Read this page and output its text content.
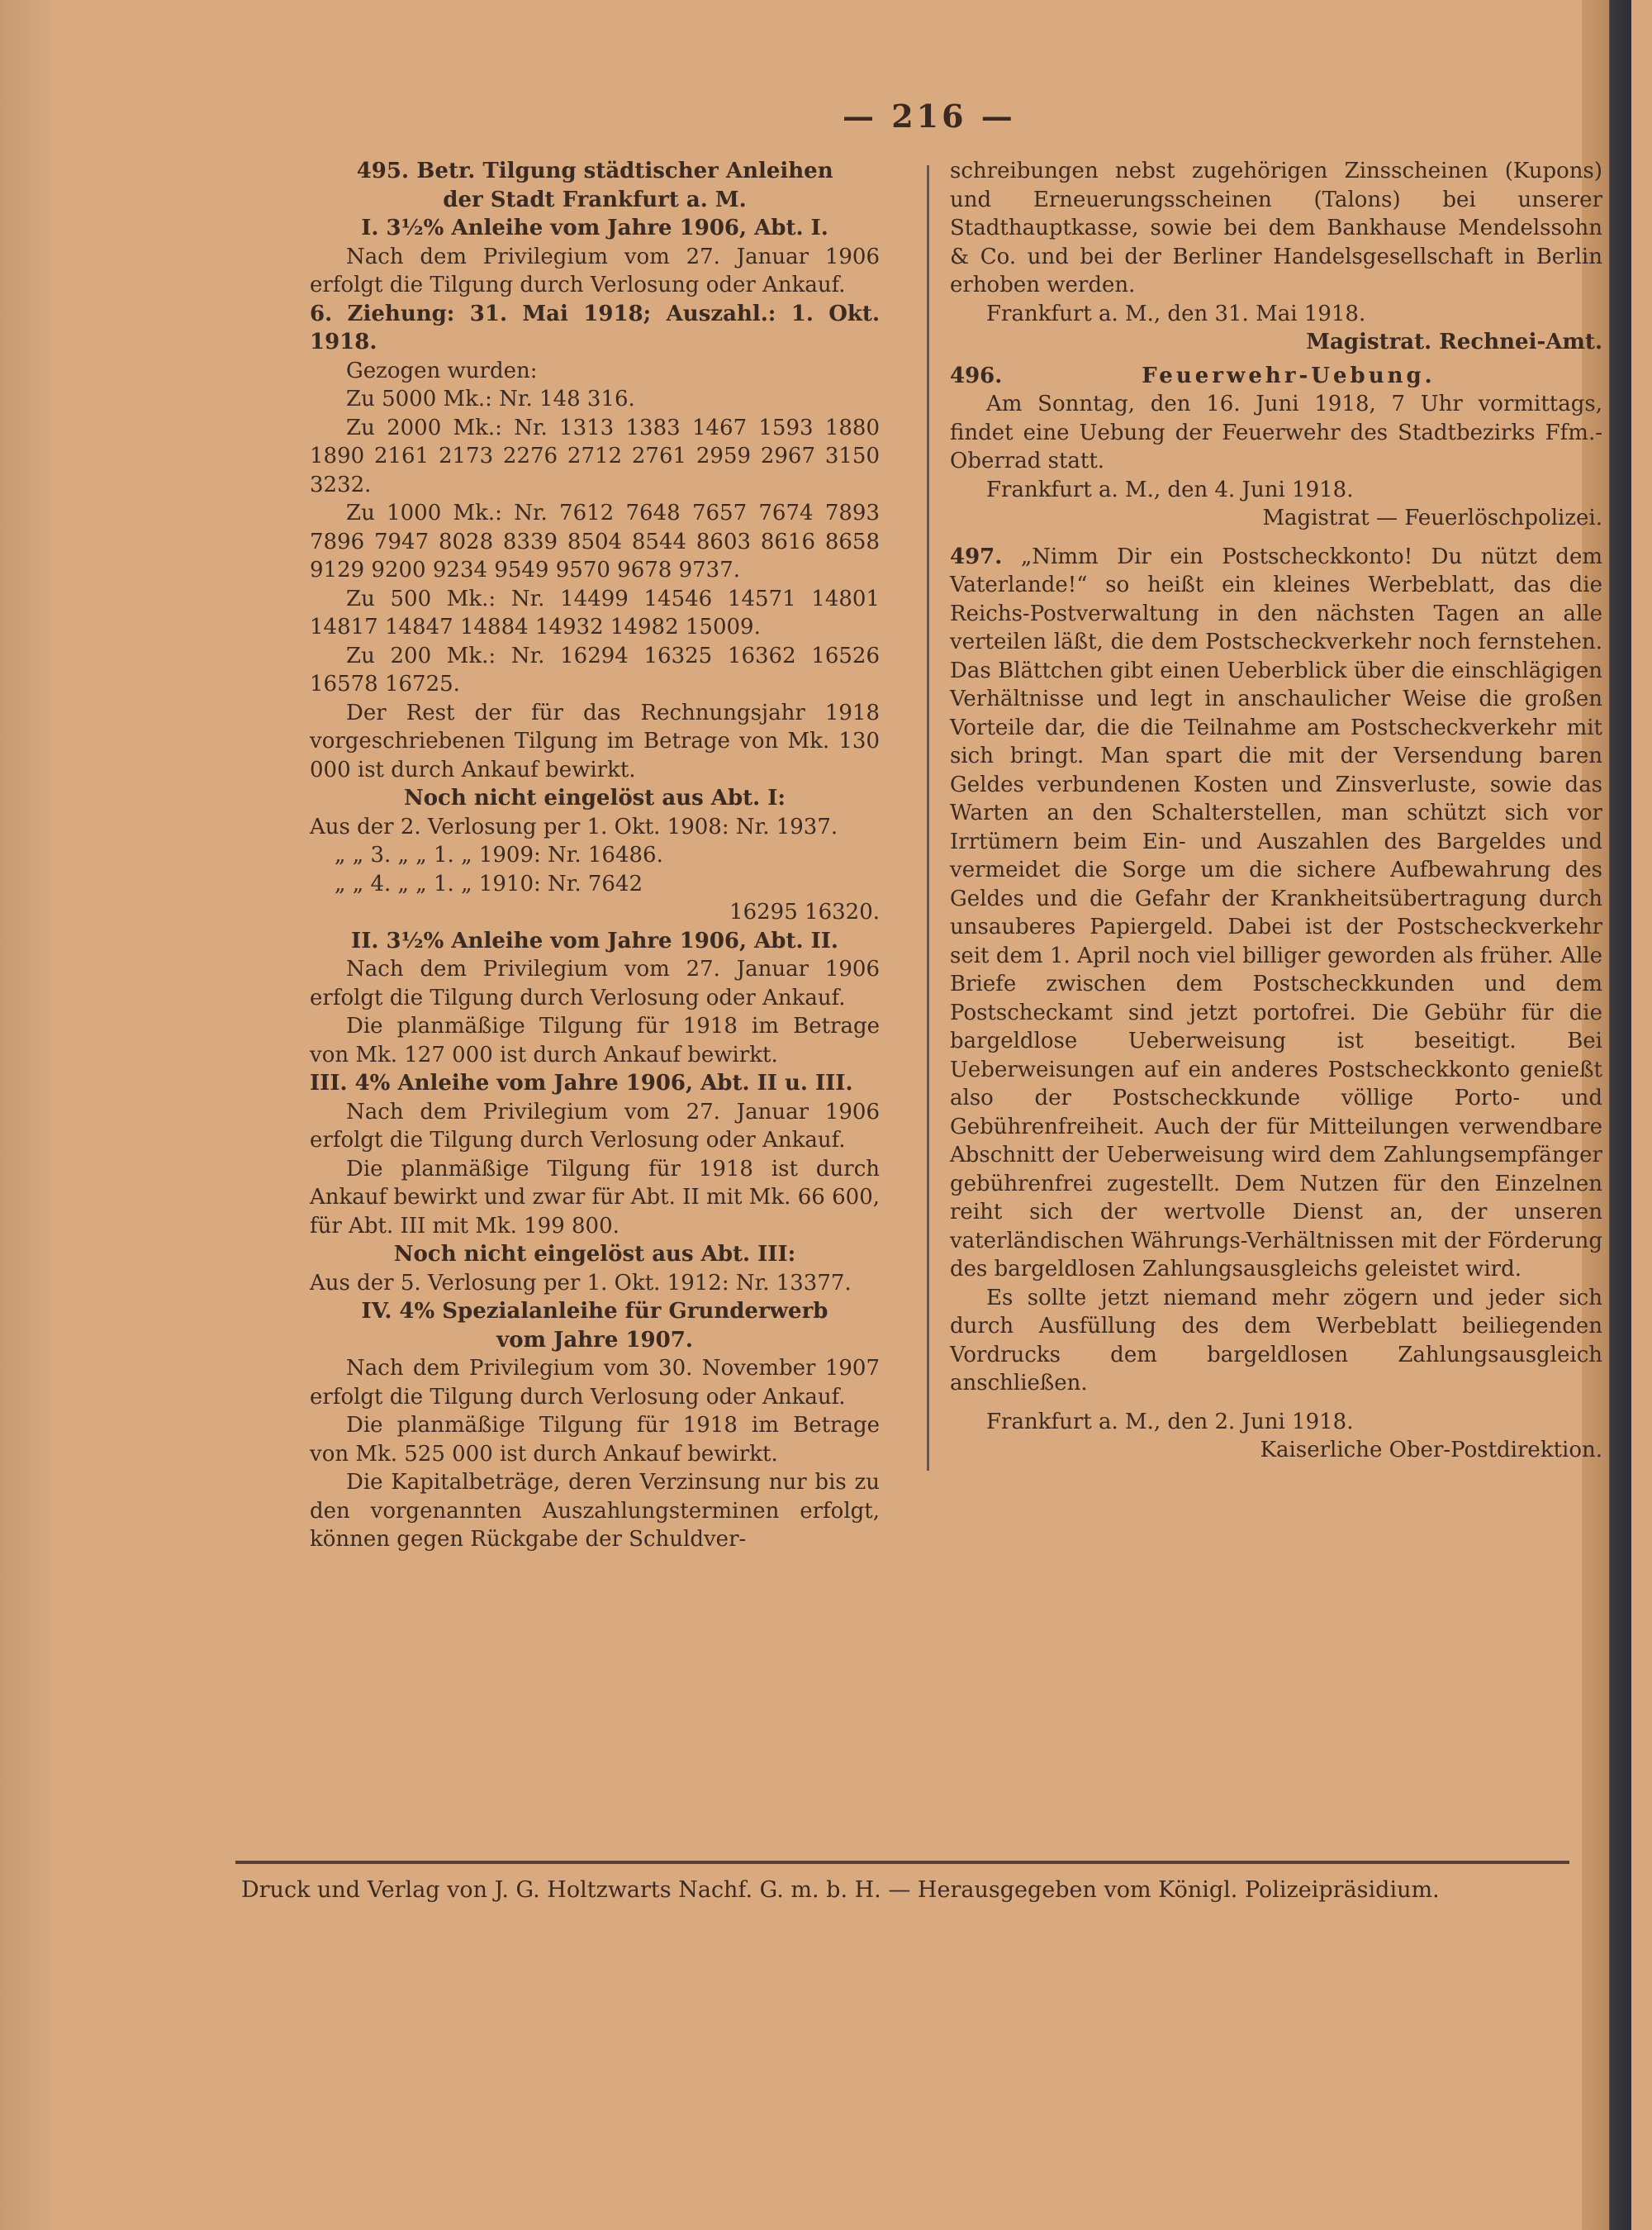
— 216 —

495. Betr. Tilgung städtischer Anleihen

der Stadt Frankfurt a. M.

I. 3½% Anleihe vom Jahre 1906, Abt. I.

Nach dem Privilegium vom 27. Januar 1906 erfolgt die Tilgung durch Verlosung oder Ankauf.

6. Ziehung: 31. Mai 1918; Auszahl.: 1. Okt. 1918.

Gezogen wurden:

Zu 5000 Mk.: Nr. 148 316.

Zu 2000 Mk.: Nr. 1313 1383 1467 1593 1880 1890 2161 2173 2276 2712 2761 2959 2967 3150 3232.

Zu 1000 Mk.: Nr. 7612 7648 7657 7674 7893 7896 7947 8028 8339 8504 8544 8603 8616 8658 9129 9200 9234 9549 9570 9678 9737.

Zu 500 Mk.: Nr. 14499 14546 14571 14801 14817 14847 14884 14932 14982 15009.

Zu 200 Mk.: Nr. 16294 16325 16362 16526 16578 16725.

Der Rest der für das Rechnungsjahr 1918 vorgeschriebenen Tilgung im Betrage von Mk. 130 000 ist durch Ankauf bewirkt.

Noch nicht eingelöst aus Abt. I:

Aus der 2. Verlosung per 1. Okt. 1908: Nr. 1937.

„ „ 3. „ „ 1. „ 1909: Nr. 16486.

„ „ 4. „ „ 1. „ 1910: Nr. 7642

16295 16320.

II. 3½% Anleihe vom Jahre 1906, Abt. II.

Nach dem Privilegium vom 27. Januar 1906 erfolgt die Tilgung durch Verlosung oder Ankauf.

Die planmäßige Tilgung für 1918 im Betrage von Mk. 127 000 ist durch Ankauf bewirkt.

III. 4% Anleihe vom Jahre 1906, Abt. II u. III.

Nach dem Privilegium vom 27. Januar 1906 erfolgt die Tilgung durch Verlosung oder Ankauf.

Die planmäßige Tilgung für 1918 ist durch Ankauf bewirkt und zwar für Abt. II mit Mk. 66 600, für Abt. III mit Mk. 199 800.

Noch nicht eingelöst aus Abt. III:

Aus der 5. Verlosung per 1. Okt. 1912: Nr. 13377.

IV. 4% Spezialanleihe für Grunderwerb

vom Jahre 1907.

Nach dem Privilegium vom 30. November 1907 erfolgt die Tilgung durch Verlosung oder Ankauf.

Die planmäßige Tilgung für 1918 im Betrage von Mk. 525 000 ist durch Ankauf bewirkt.

Die Kapitalbeträge, deren Verzinsung nur bis zu den vorgenannten Auszahlungsterminen erfolgt, können gegen Rückgabe der Schuldver-

schreibungen nebst zugehörigen Zinsscheinen (Kupons) und Erneuerungsscheinen (Talons) bei unserer Stadthauptkasse, sowie bei dem Bankhause Mendelssohn & Co. und bei der Berliner Handelsgesellschaft in Berlin erhoben werden.

Frankfurt a. M., den 31. Mai 1918.

Magistrat. Rechnei-Amt.

496.	Feuerwehr-Uebung.

Am Sonntag, den 16. Juni 1918, 7 Uhr vormittags, findet eine Uebung der Feuerwehr des Stadtbezirks Ffm.-Oberrad statt.

Frankfurt a. M., den 4. Juni 1918.

Magistrat — Feuerlöschpolizei.

497. „Nimm Dir ein Postscheckkonto! Du nützt dem Vaterlande!“ so heißt ein kleines Werbeblatt, das die Reichs-Postverwaltung in den nächsten Tagen an alle verteilen läßt, die dem Postscheckverkehr noch fernstehen. Das Blättchen gibt einen Ueberblick über die einschlägigen Verhältnisse und legt in anschaulicher Weise die großen Vorteile dar, die die Teilnahme am Postscheckverkehr mit sich bringt. Man spart die mit der Versendung baren Geldes verbundenen Kosten und Zinsverluste, sowie das Warten an den Schalterstellen, man schützt sich vor Irrtümern beim Ein- und Auszahlen des Bargeldes und vermeidet die Sorge um die sichere Aufbewahrung des Geldes und die Gefahr der Krankheitsübertragung durch unsauberes Papiergeld. Dabei ist der Postscheckverkehr seit dem 1. April noch viel billiger geworden als früher. Alle Briefe zwischen dem Postscheckkunden und dem Postscheckamt sind jetzt portofrei. Die Gebühr für die bargeldlose Ueberweisung ist beseitigt. Bei Ueberweisungen auf ein anderes Postscheckkonto genießt also der Postscheckkunde völlige Porto- und Gebührenfreiheit. Auch der für Mitteilungen verwendbare Abschnitt der Ueberweisung wird dem Zahlungsempfänger gebührenfrei zugestellt. Dem Nutzen für den Einzelnen reiht sich der wertvolle Dienst an, der unseren vaterländischen Währungs-Verhältnissen mit der Förderung des bargeldlosen Zahlungsausgleichs geleistet wird.

Es sollte jetzt niemand mehr zögern und jeder sich durch Ausfüllung des dem Werbeblatt beiliegenden Vordrucks dem bargeldlosen Zahlungsausgleich anschließen.

Frankfurt a. M., den 2. Juni 1918.

Kaiserliche Ober-Postdirektion.

Druck und Verlag von J. G. Holtzwarts Nachf. G. m. b. H. — Herausgegeben vom Königl. Polizeipräsidium.
